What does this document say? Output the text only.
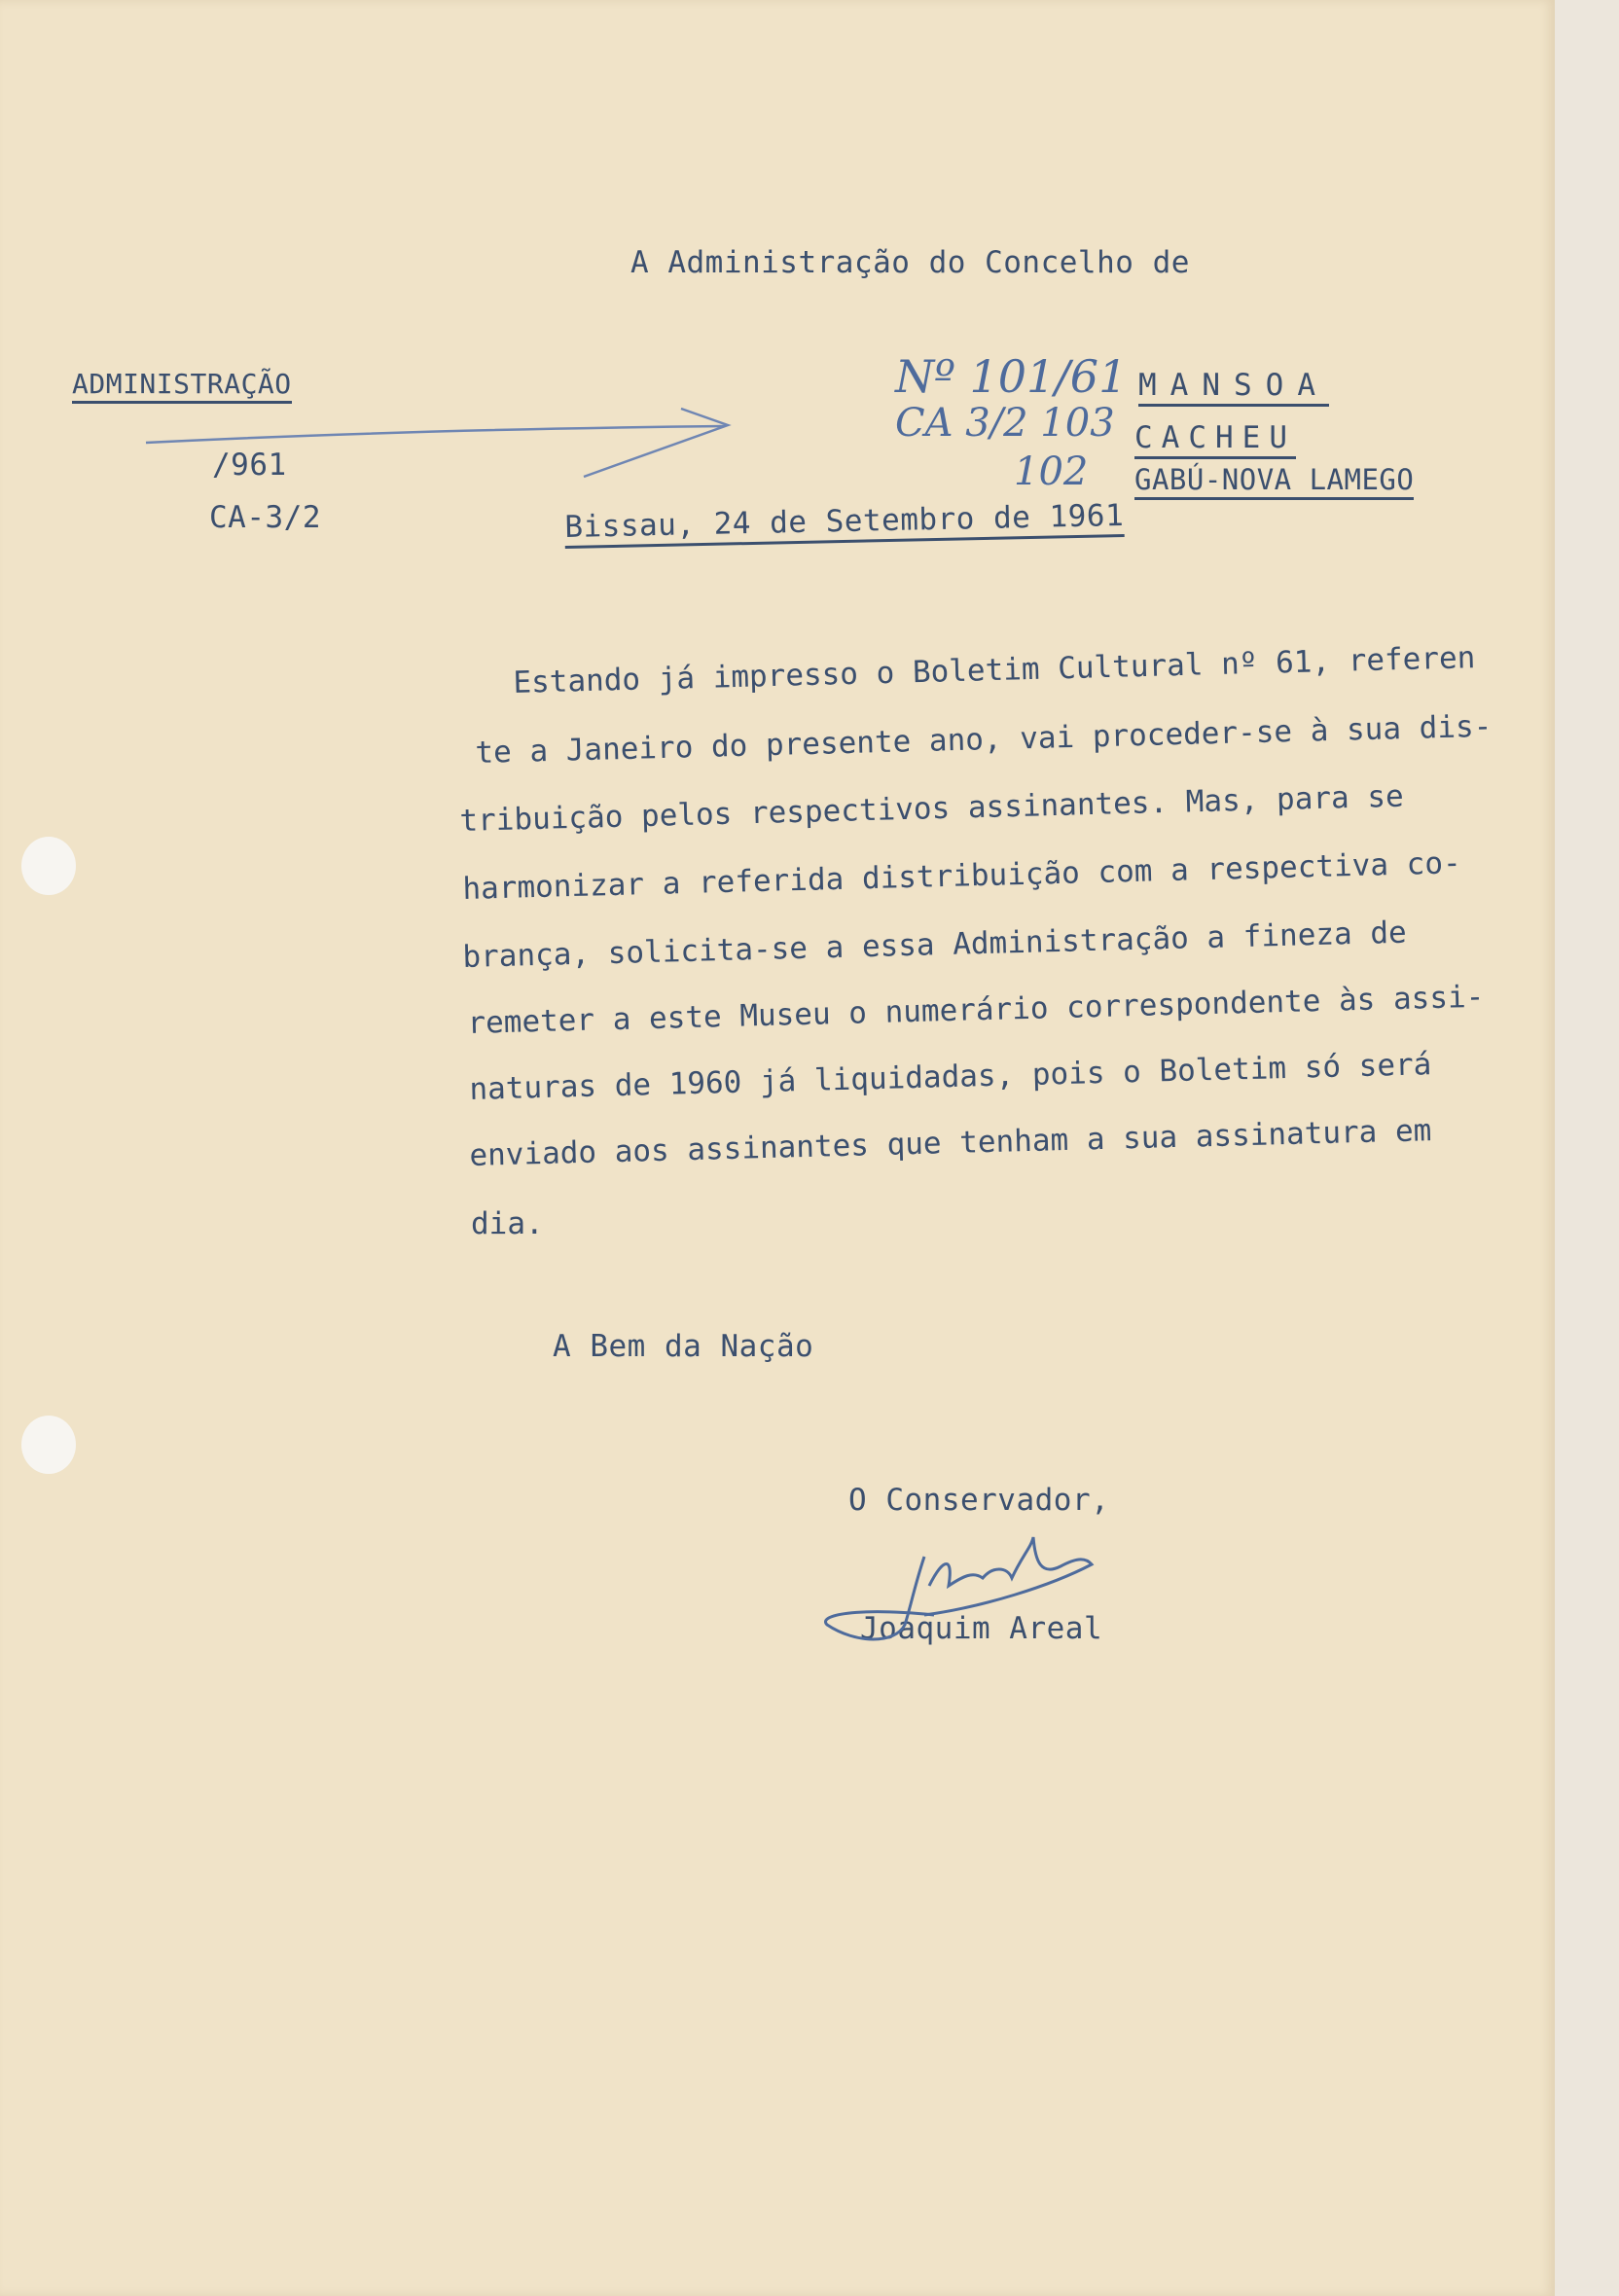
A Administração do Concelho de
ADMINISTRAÇÃO
/961
CA-3/2
Nº 101/61
CA 3/2 103
102
MANSOA
CACHEU
GABÚ-NOVA LAMEGO
Bissau, 24 de Setembro de 1961
Estando já impresso o Boletim Cultural nº 61, referen
te a Janeiro do presente ano, vai proceder-se à sua dis-
tribuição pelos respectivos assinantes. Mas, para se
harmonizar a referida distribuição com a respectiva co-
brança, solicita-se a essa Administração a fineza de
remeter a este Museu o numerário correspondente às assi-
naturas de 1960 já liquidadas, pois o Boletim só será
enviado aos assinantes que tenham a sua assinatura em
dia.
A Bem da Nação
O Conservador,
Joaquim Areal
